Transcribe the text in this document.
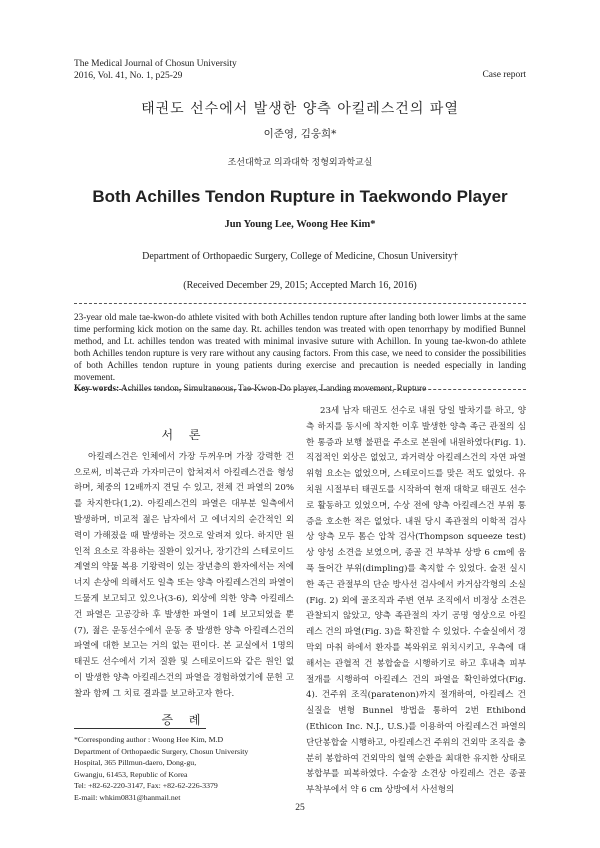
The Medical Journal of Chosun University
2016, Vol. 41, No. 1, p25-29	Case report
태권도 선수에서 발생한 양측 아킬레스건의 파열
이준영, 김웅희*
조선대학교 의과대학 정형외과학교실
Both Achilles Tendon Rupture in Taekwondo Player
Jun Young Lee, Woong Hee Kim*
Department of Orthopaedic Surgery, College of Medicine, Chosun University†
(Received December 29, 2015; Accepted March 16, 2016)
23-year old male tae-kwon-do athlete visited with both Achilles tendon rupture after landing both lower limbs at the same time performing kick motion on the same day. Rt. achilles tendon was treated with open tenorrhapy by modified Bunnel method, and Lt. achilles tendon was treated with minimal invasive suture with Achillon. In young tae-kwon-do athlete both Achilles tendon rupture is very rare without any causing factors. From this case, we need to consider the possibilities of both Achilles tendon rupture in young patients during exercise and precaution is needed especially in landing movement.
Key words: Achilles tendon, Simultaneous, Tae-Kwon-Do player, Landing movement, Rupture
서 론

아킬레스건은 인체에서 가장 두꺼우며 가장 강력한 건으로써, 비복근과 가자미근이 합쳐져서 아킬레스건을 형성하며, 체중의 12배까지 견딜 수 있고, 전체 건 파열의 20%를 차지한다(1,2). 아킬레스건의 파열은 대부분 일측에서 발생하며, 비교적 젊은 남자에서 고 에너지의 순간적인 외력이 가해졌을 때 발생하는 것으로 알려져 있다. 하지만 원인적 요소로 작용하는 질환이 있거나, 장기간의 스테로이드 계열의 약물 복용 기왕력이 있는 장년층의 환자에서는 저에너지 손상에 의해서도 일측 또는 양측 아킬레스건의 파열이 드물게 보고되고 있으나(3-6), 외상에 의한 양측 아킬레스건 파열은 고공강하 후 발생한 파열이 1례 보고되었을 뿐(7), 젊은 운동선수에서 운동 중 발생한 양측 아킬레스건의 파열에 대한 보고는 거의 없는 편이다. 본 교실에서 1명의 태권도 선수에서 기저 질환 및 스테로이드와 같은 원인 없이 발생한 양측 아킬레스건의 파열을 경험하였기에 문헌 고찰과 함께 그 치료 결과를 보고하고자 한다.

증 례

23세 남자 태권도 선수로 내원 당일 발차기를 하고, 양측 하지를 동시에 착지한 이후 발생한 양측 족근 관절의 심한 통증과 보행 불편을 주소로 본원에 내원하였다(Fig. 1). 직접적인 외상은 없었고, 과거력상 아킬레스건의 자연 파열 위험 요소는 없었으며, 스테로이드를 맞은 적도 없었다. 유치원 시절부터 태권도를 시작하여 현재 대학교 태권도 선수로 활동하고 있었으며, 수상 전에 양측 아킬레스건 부위 통증을 호소한 적은 없었다. 내원 당시 족관절의 이학적 검사상 양측 모두 톰슨 압착 검사(Thompson squeeze test)상 양성 소견을 보였으며, 종골 건 부착부 상방 6 cm에 움푹 들어간 부위(dimpling)를 촉지할 수 있었다. 술전 실시한 족근 관절부의 단순 방사선 검사에서 카거삼각형의 소실(Fig. 2) 외에 골조직과 주변 연부 조직에서 비정상 소견은 관찰되지 않았고, 양측 족관절의 자기 공명 영상으로 아킬레스 건의 파열(Fig. 3)을 확진할 수 있었다. 수술실에서 경막외 마취 하에서 환자를 복와위로 위치시키고, 우측에 대해서는 관혈적 건 봉합술을 시행하기로 하고 후내측 피부 절개를 시행하여 아킬레스 건의 파열을 확인하였다(Fig. 4). 건주위 조직(paratenon)까지 절개하여, 아킬레스 건 실질을 변형 Bunnel 방법을 통하여 2번 Ethibond (Ethicon Inc. N.J., U.S.)를 이용하여 아킬레스건 파열의 단단봉합술 시행하고, 아킬레스건 주위의 건외막 조직을 충분히 봉합하여 건외막의 혈액 순환을 최대한 유지한 상태로 봉합부를 피복하였다. 수술장 소견상 아킬레스 건은 종골 부착부에서 약 6 cm 상방에서 사선형의

*Corresponding author : Woong Hee Kim, M.D
Department of Orthopaedic Surgery, Chosun University
Hospital, 365 Pillmun-daero, Dong-gu,
Gwangju, 61453, Republic of Korea
Tel: +82-62-220-3147, Fax: +82-62-226-3379
E-mail: whkim0831@hanmail.net
25
